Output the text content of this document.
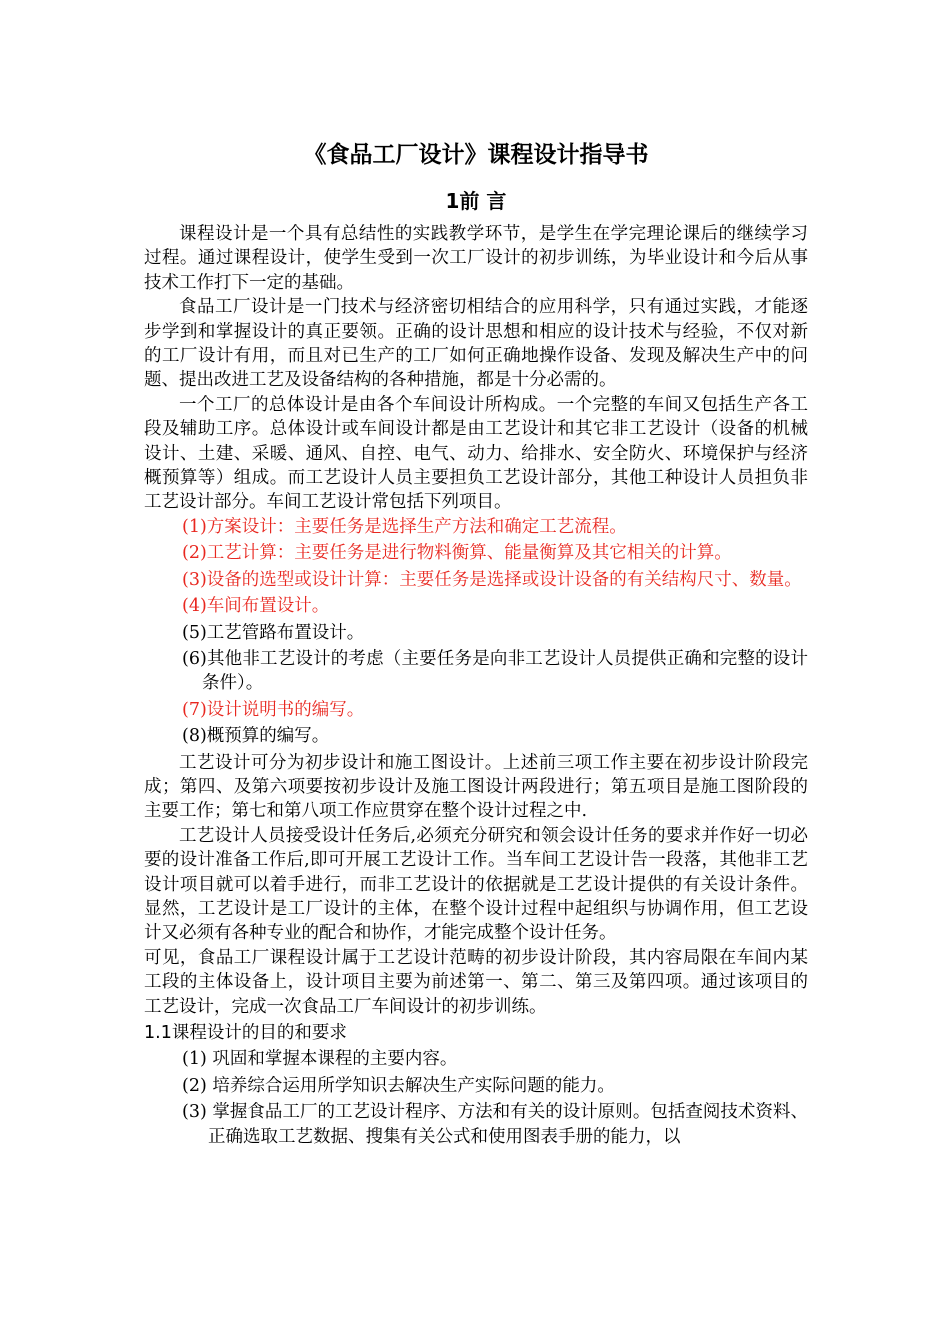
《食品工厂设计》课程设计指导书
1前 言

课程设计是一个具有总结性的实践教学环节，是学生在学完理论课后的继续学习过程。通过课程设计，使学生受到一次工厂设计的初步训练，为毕业设计和今后从事技术工作打下一定的基础。

食品工厂设计是一门技术与经济密切相结合的应用科学，只有通过实践，才能逐步学到和掌握设计的真正要领。正确的设计思想和相应的设计技术与经验，不仅对新的工厂设计有用，而且对已生产的工厂如何正确地操作设备、发现及解决生产中的问题、提出改进工艺及设备结构的各种措施，都是十分必需的。

一个工厂的总体设计是由各个车间设计所构成。一个完整的车间又包括生产各工段及辅助工序。总体设计或车间设计都是由工艺设计和其它非工艺设计（设备的机械设计、土建、采暖、通风、自控、电气、动力、给排水、安全防火、环境保护与经济概预算等）组成。而工艺设计人员主要担负工艺设计部分，其他工种设计人员担负非工艺设计部分。车间工艺设计常包括下列项目。

(1)方案设计：主要任务是选择生产方法和确定工艺流程。

(2)工艺计算：主要任务是进行物料衡算、能量衡算及其它相关的计算。

(3)设备的选型或设计计算：主要任务是选择或设计设备的有关结构尺寸、数量。

(4)车间布置设计。

(5)工艺管路布置设计。

(6)其他非工艺设计的考虑（主要任务是向非工艺设计人员提供正确和完整的设计条件）。

(7)设计说明书的编写。

(8)概预算的编写。

工艺设计可分为初步设计和施工图设计。上述前三项工作主要在初步设计阶段完成；第四、及第六项要按初步设计及施工图设计两段进行；第五项目是施工图阶段的主要工作；第七和第八项工作应贯穿在整个设计过程之中.

工艺设计人员接受设计任务后,必须充分研究和领会设计任务的要求并作好一切必要的设计准备工作后,即可开展工艺设计工作。当车间工艺设计告一段落，其他非工艺设计项目就可以着手进行，而非工艺设计的依据就是工艺设计提供的有关设计条件。显然，工艺设计是工厂设计的主体，在整个设计过程中起组织与协调作用，但工艺设计又必须有各种专业的配合和协作，才能完成整个设计任务。

可见，食品工厂课程设计属于工艺设计范畴的初步设计阶段，其内容局限在车间内某工段的主体设备上，设计项目主要为前述第一、第二、第三及第四项。通过该项目的工艺设计，完成一次食品工厂车间设计的初步训练。

1.1课程设计的目的和要求

(1) 巩固和掌握本课程的主要内容。

(2) 培养综合运用所学知识去解决生产实际问题的能力。

(3) 掌握食品工厂的工艺设计程序、方法和有关的设计原则。包括查阅技术资料、正确选取工艺数据、搜集有关公式和使用图表手册的能力，以
